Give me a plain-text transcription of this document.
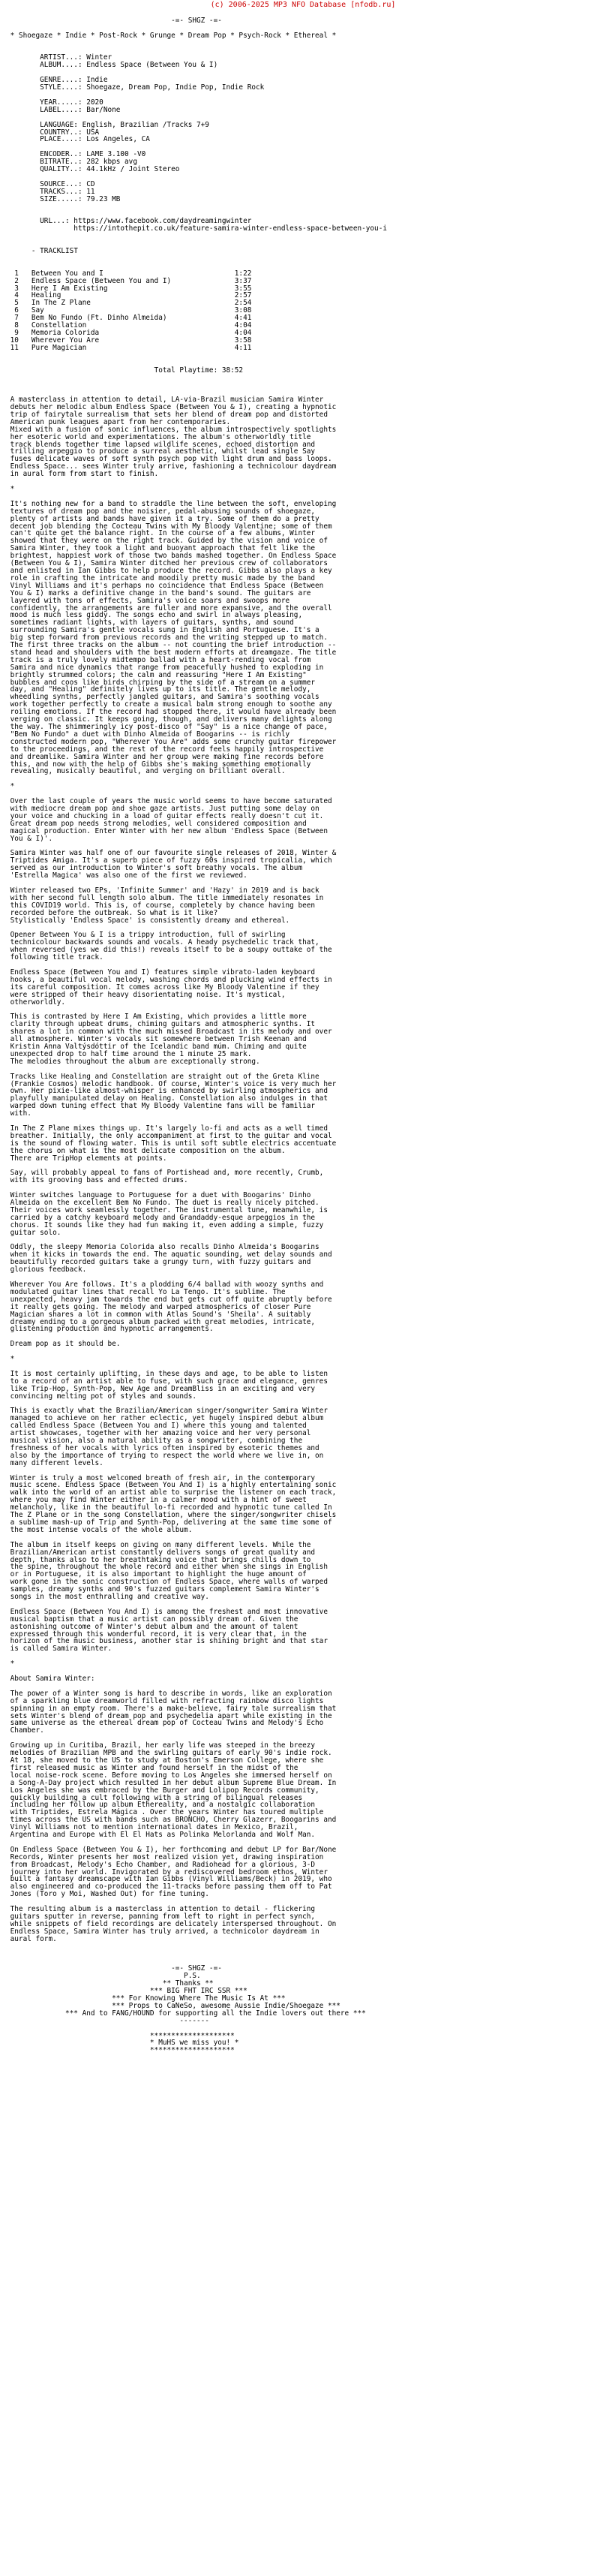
(c) 2006-2025 MP3 NFO Database [nfodb.ru]

-=- SHGZ -=-

* Shoegaze * Indie * Post-Rock * Grunge * Dream Pop * Psych-Rock * Ethereal *

ARTIST...: Winter
ALBUM....: Endless Space (Between You & I)

GENRE....: Indie
STYLE....: Shoegaze, Dream Pop, Indie Pop, Indie Rock

YEAR.....: 2020
LABEL....: Bar/None

LANGUAGE: English, Brazilian /Tracks 7+9
COUNTRY..: USA
PLACE....: Los Angeles, CA

ENCODER..: LAME 3.100 -V0
BITRATE..: 282 kbps avg
QUALITY..: 44.1kHz / Joint Stereo

SOURCE...: CD
TRACKS...: 11
SIZE.....: 79.23 MB

URL...: https://www.facebook.com/daydreamingwinter
https://intothepit.co.uk/feature-samira-winter-endless-space-between-you-i

- TRACKLIST

1   Between You and I                               1:22
2   Endless Space (Between You and I)               3:37
3   Here I Am Existing                              3:55
4   Healing                                         2:57
5   In The Z Plane                                  2:54
6   Say                                             3:08
7   Bem No Fundo (Ft. Dinho Almeida)                4:41
8   Constellation                                   4:04
9   Memoria Colorida                                4:04
10   Wherever You Are                                3:58
11   Pure Magician                                   4:11

Total Playtime: 38:52

A masterclass in attention to detail, LA-via-Brazil musician Samira Winter
debuts her melodic album Endless Space (Between You & I), creating a hypnotic
trip of fairytale surrealism that sets her blend of dream pop and distorted
American punk leagues apart from her contemporaries.
Mixed with a fusion of sonic influences, the album introspectively spotlights
her esoteric world and experimentations. The album's otherworldly title
track blends together time lapsed wildlife scenes, echoed distortion and
trilling arpeggio to produce a surreal aesthetic, whilst lead single Say
fuses delicate waves of soft synth psych pop with light drum and bass loops.
Endless Space... sees Winter truly arrive, fashioning a technicolour daydream
in aural form from start to finish.

*

It's nothing new for a band to straddle the line between the soft, enveloping
textures of dream pop and the noisier, pedal-abusing sounds of shoegaze,
plenty of artists and bands have given it a try. Some of them do a pretty
decent job blending the Cocteau Twins with My Bloody Valentine; some of them
can't quite get the balance right. In the course of a few albums, Winter
showed that they were on the right track. Guided by the vision and voice of
Samira Winter, they took a light and buoyant approach that felt like the
brightest, happiest work of those two bands mashed together. On Endless Space
(Between You & I), Samira Winter ditched her previous crew of collaborators
and enlisted in Ian Gibbs to help produce the record. Gibbs also plays a key
role in crafting the intricate and moodily pretty music made by the band
Vinyl Williams and it's perhaps no coincidence that Endless Space (Between
You & I) marks a definitive change in the band's sound. The guitars are
layered with tons of effects, Samira's voice soars and swoops more
confidently, the arrangements are fuller and more expansive, and the overall
mood is much less giddy. The songs echo and swirl in always pleasing,
sometimes radiant lights, with layers of guitars, synths, and sound
surrounding Samira's gentle vocals sung in English and Portuguese. It's a
big step forward from previous records and the writing stepped up to match.
The first three tracks on the album -- not counting the brief introduction --
stand head and shoulders with the best modern efforts at dreamgaze. The title
track is a truly lovely midtempo ballad with a heart-rending vocal from
Samira and nice dynamics that range from peacefully hushed to exploding in
brightly strummed colors; the calm and reassuring "Here I Am Existing"
bubbles and coos like birds chirping by the side of a stream on a summer
day, and "Healing" definitely lives up to its title. The gentle melody,
wheedling synths, perfectly jangled guitars, and Samira's soothing vocals
work together perfectly to create a musical balm strong enough to soothe any
roiling emotions. If the record had stopped there, it would have already been
verging on classic. It keeps going, though, and delivers many delights along
the way. The shimmeringly icy post-disco of "Say" is a nice change of pace,
"Bem No Fundo" a duet with Dinho Almeida of Boogarins -- is richly
constructed modern pop, "Wherever You Are" adds some crunchy guitar firepower
to the proceedings, and the rest of the record feels happily introspective
and dreamlike. Samira Winter and her group were making fine records before
this, and now with the help of Gibbs she's making something emotionally
revealing, musically beautiful, and verging on brilliant overall.

*

Over the last couple of years the music world seems to have become saturated
with mediocre dream pop and shoe gaze artists. Just putting some delay on
your voice and chucking in a load of guitar effects really doesn't cut it.
Great dream pop needs strong melodies, well considered composition and
magical production. Enter Winter with her new album 'Endless Space (Between
You & I)'.

Samira Winter was half one of our favourite single releases of 2018, Winter &
Triptides Amiga. It's a superb piece of fuzzy 60s inspired tropicalia, which
served as our introduction to Winter's soft breathy vocals. The album
'Estrella Magica' was also one of the first we reviewed.

Winter released two EPs, 'Infinite Summer' and 'Hazy' in 2019 and is back
with her second full length solo album. The title immediately resonates in
this COVID19 world. This is, of course, completely by chance having been
recorded before the outbreak. So what is it like?
Stylistically 'Endless Space' is consistently dreamy and ethereal.

Opener Between You & I is a trippy introduction, full of swirling
technicolour backwards sounds and vocals. A heady psychedelic track that,
when reversed (yes we did this!) reveals itself to be a soupy outtake of the
following title track.

Endless Space (Between You and I) features simple vibrato-laden keyboard
hooks, a beautiful vocal melody, washing chords and plucking wind effects in
its careful composition. It comes across like My Bloody Valentine if they
were stripped of their heavy disorientating noise. It's mystical,
otherworldly.

This is contrasted by Here I Am Existing, which provides a little more
clarity through upbeat drums, chiming guitars and atmospheric synths. It
shares a lot in common with the much missed Broadcast in its melody and over
all atmosphere. Winter's vocals sit somewhere between Trish Keenan and
Kristin Anna Valtýsdóttir of the Icelandic band múm. Chiming and quite
unexpected drop to half time around the 1 minute 25 mark.
The melodies throughout the album are exceptionally strong.

Tracks like Healing and Constellation are straight out of the Greta Kline
(Frankie Cosmos) melodic handbook. Of course, Winter's voice is very much her
own. Her pixie-like almost-whisper is enhanced by swirling atmospherics and
playfully manipulated delay on Healing. Constellation also indulges in that
warped down tuning effect that My Bloody Valentine fans will be familiar
with.

In The Z Plane mixes things up. It's largely lo-fi and acts as a well timed
breather. Initially, the only accompaniment at first to the guitar and vocal
is the sound of flowing water. This is until soft subtle electrics accentuate
the chorus on what is the most delicate composition on the album.
There are TripHop elements at points.

Say, will probably appeal to fans of Portishead and, more recently, Crumb,
with its grooving bass and effected drums.

Winter switches language to Portuguese for a duet with Boogarins' Dinho
Almeida on the excellent Bem No Fundo. The duet is really nicely pitched.
Their voices work seamlessly together. The instrumental tune, meanwhile, is
carried by a catchy keyboard melody and Grandaddy-esque arpeggios in the
chorus. It sounds like they had fun making it, even adding a simple, fuzzy
guitar solo.

Oddly, the sleepy Memoria Colorida also recalls Dinho Almeida's Boogarins
when it kicks in towards the end. The aquatic sounding, wet delay sounds and
beautifully recorded guitars take a grungy turn, with fuzzy guitars and
glorious feedback.

Wherever You Are follows. It's a plodding 6/4 ballad with woozy synths and
modulated guitar lines that recall Yo La Tengo. It's sublime. The
unexpected, heavy jam towards the end but gets cut off quite abruptly before
it really gets going. The melody and warped atmospherics of closer Pure
Magician shares a lot in common with Atlas Sound's 'Sheila'. A suitably
dreamy ending to a gorgeous album packed with great melodies, intricate,
glistening production and hypnotic arrangements.

Dream pop as it should be.

*

It is most certainly uplifting, in these days and age, to be able to listen
to a record of an artist able to fuse, with such grace and elegance, genres
like Trip-Hop, Synth-Pop, New Age and DreamBliss in an exciting and very
convincing melting pot of styles and sounds.

This is exactly what the Brazilian/American singer/songwriter Samira Winter
managed to achieve on her rather eclectic, yet hugely inspired debut album
called Endless Space (Between You and I) where this young and talented
artist showcases, together with her amazing voice and her very personal
musical vision, also a natural ability as a songwriter, combining the
freshness of her vocals with lyrics often inspired by esoteric themes and
also by the importance of trying to respect the world where we live in, on
many different levels.

Winter is truly a most welcomed breath of fresh air, in the contemporary
music scene. Endless Space (Between You And I) is a highly entertaining sonic
walk into the world of an artist able to surprise the listener on each track,
where you may find Winter either in a calmer mood with a hint of sweet
melancholy, like in the beautiful lo-fi recorded and hypnotic tune called In
The Z Plane or in the song Constellation, where the singer/songwriter chisels
a sublime mash-up of Trip and Synth-Pop, delivering at the same time some of
the most intense vocals of the whole album.

The album in itself keeps on giving on many different levels. While the
Brazilian/American artist constantly delivers songs of great quality and
depth, thanks also to her breathtaking voice that brings chills down to
the spine, throughout the whole record and either when she sings in English
or in Portuguese, it is also important to highlight the huge amount of
work gone in the sonic construction of Endless Space, where walls of warped
samples, dreamy synths and 90's fuzzed guitars complement Samira Winter's
songs in the most enthralling and creative way.

Endless Space (Between You And I) is among the freshest and most innovative
musical baptism that a music artist can possibly dream of. Given the
astonishing outcome of Winter's debut album and the amount of talent
expressed through this wonderful record, it is very clear that, in the
horizon of the music business, another star is shining bright and that star
is called Samira Winter.

*

About Samira Winter:

The power of a Winter song is hard to describe in words, like an exploration
of a sparkling blue dreamworld filled with refracting rainbow disco lights
spinning in an empty room. There's a make-believe, fairy tale surrealism that
sets Winter's blend of dream pop and psychedelia apart while existing in the
same universe as the ethereal dream pop of Cocteau Twins and Melody's Echo
Chamber.

Growing up in Curitiba, Brazil, her early life was steeped in the breezy
melodies of Brazilian MPB and the swirling guitars of early 90's indie rock.
At 18, she moved to the US to study at Boston's Emerson College, where she
first released music as Winter and found herself in the midst of the
local noise-rock scene. Before moving to Los Angeles she immersed herself on
a Song-A-Day project which resulted in her debut album Supreme Blue Dream. In
Los Angeles she was embraced by the Burger and Lolipop Records community,
quickly building a cult following with a string of bilingual releases
including her follow up album Ethereality, and a nostalgic collaboration
with Triptides, Estrela Mágica . Over the years Winter has toured multiple
times across the US with bands such as BRONCHO, Cherry Glazerr, Boogarins and
Vinyl Williams not to mention international dates in Mexico, Brazil,
Argentina and Europe with El El Hats as Polinka Melorlanda and Wolf Man.

On Endless Space (Between You & I), her forthcoming and debut LP for Bar/None
Records, Winter presents her most realized vision yet, drawing inspiration
from Broadcast, Melody's Echo Chamber, and Radiohead for a glorious, 3-D
journey into her world. Invigorated by a rediscovered bedroom ethos, Winter
built a fantasy dreamscape with Ian Gibbs (Vinyl Williams/Beck) in 2019, who
also engineered and co-produced the 11-tracks before passing them off to Pat
Jones (Toro y Moi, Washed Out) for fine tuning.

The resulting album is a masterclass in attention to detail - flickering
guitars sputter in reverse, panning from left to right in perfect synch,
while snippets of field recordings are delicately interspersed throughout. On
Endless Space, Samira Winter has truly arrived, a technicolor daydream in
aural form.

-=- SHGZ -=-
P.S.
** Thanks **
*** BIG FHT IRC SSR ***
*** For Knowing Where The Music Is At ***
*** Props to CaNeSo, awesome Aussie Indie/Shoegaze ***
*** And to FANG/HOUND for supporting all the Indie lovers out there ***
-------

********************
* MuHS we miss you! *
********************
